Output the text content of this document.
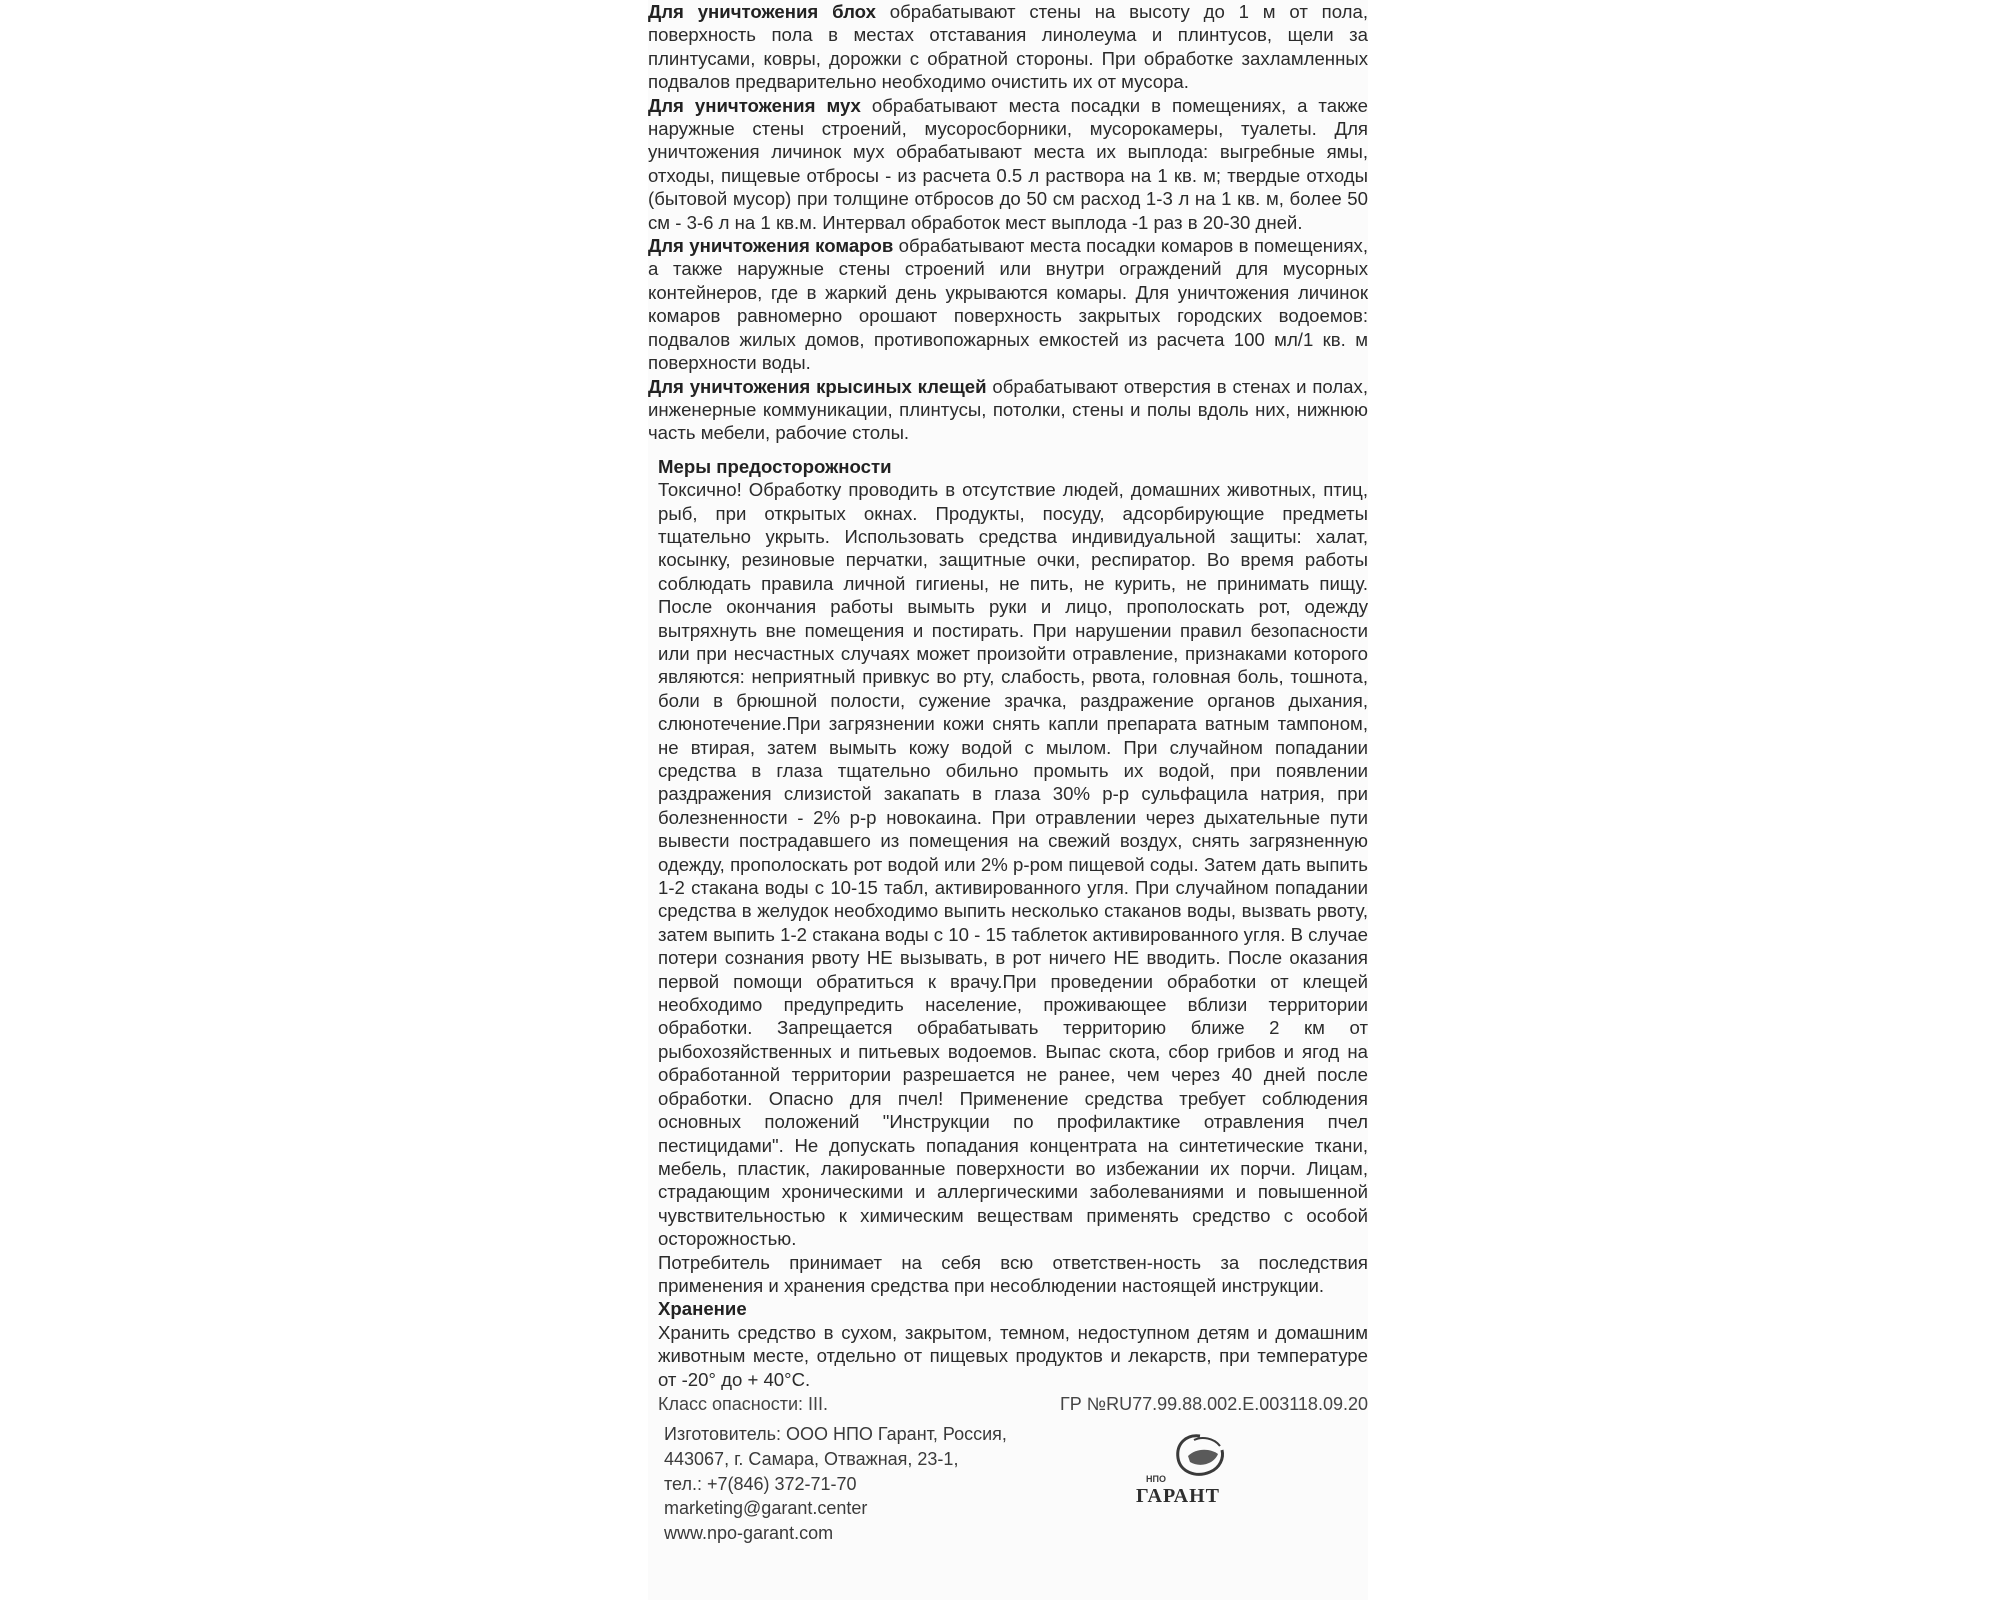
Для уничтожения блох обрабатывают стены на высоту до 1 м от пола, поверхность пола в местах отставания линолеума и плинтусов, щели за плинтусами, ковры, дорожки с обратной стороны. При обработке захламленных подвалов предварительно необходимо очистить их от мусора.

Для уничтожения мух обрабатывают места посадки в помещениях, а также наружные стены строений, мусоросборники, мусорокамеры, туалеты. Для уничтожения личинок мух обрабатывают места их выплода: выгребные ямы, отходы, пищевые отбросы - из расчета 0.5 л раствора на 1 кв. м; твердые отходы (бытовой мусор) при толщине отбросов до 50 см расход 1-3 л на 1 кв. м, более 50 см - 3-6 л на 1 кв.м. Интервал обработок мест выплода -1 раз в 20-30 дней.

Для уничтожения комаров обрабатывают места посадки комаров в помещениях, а также наружные стены строений или внутри ограждений для мусорных контейнеров, где в жаркий день укрываются комары. Для уничтожения личинок комаров равномерно орошают поверхность закрытых городских водоемов: подвалов жилых домов, противопожарных емкостей из расчета 100 мл/1 кв. м поверхности воды.

Для уничтожения крысиных клещей обрабатывают отверстия в стенах и полах, инженерные коммуникации, плинтусы, потолки, стены и полы вдоль них, нижнюю часть мебели, рабочие столы.

Меры предосторожности

Токсично! Обработку проводить в отсутствие людей, домашних животных, птиц, рыб, при открытых окнах. Продукты, посуду, адсорбирующие предметы тщательно укрыть. Использовать средства индивидуальной защиты: халат, косынку, резиновые перчатки, защитные очки, респиратор. Во время работы соблюдать правила личной гигиены, не пить, не курить, не принимать пищу. После окончания работы вымыть руки и лицо, прополоскать рот, одежду вытряхнуть вне помещения и постирать. При нарушении правил безопасности или при несчастных случаях может произойти отравление, признаками которого являются: неприятный привкус во рту, слабость, рвота, головная боль, тошнота, боли в брюшной полости, сужение зрачка, раздражение органов дыхания, слюнотечение.При загрязнении кожи снять капли препарата ватным тампоном, не втирая, затем вымыть кожу водой с мылом. При случайном попадании средства в глаза тщательно обильно промыть их водой, при появлении раздражения слизистой закапать в глаза 30% р-р сульфацила натрия, при болезненности - 2% р-р новокаина. При отравлении через дыхательные пути вывести пострадавшего из помещения на свежий воздух, снять загрязненную одежду, прополоскать рот водой или 2% р-ром пищевой соды. Затем дать выпить 1-2 стакана воды с 10-15 табл, активированного угля. При случайном попадании средства в желудок необходимо выпить несколько стаканов воды, вызвать рвоту, затем выпить 1-2 стакана воды с 10 - 15 таблеток активированного угля. В случае потери сознания рвоту НЕ вызывать, в рот ничего НЕ вводить. После оказания первой помощи обратиться к врачу.При проведении обработки от клещей необходимо предупредить население, проживающее вблизи территории обработки. Запрещается обрабатывать территорию ближе 2 км от рыбохозяйственных и питьевых водоемов. Выпас скота, сбор грибов и ягод на обработанной территории разрешается не ранее, чем через 40 дней после обработки. Опасно для пчел! Применение средства требует соблюдения основных положений "Инструкции по профилактике отравления пчел пестицидами". Не допускать попадания концентрата на синтетические ткани, мебель, пластик, лакированные поверхности во избежании их порчи. Лицам, страдающим хроническими и аллергическими заболеваниями и повышенной чувствительностью к химическим веществам применять средство с особой осторожностью.

Потребитель принимает на себя всю ответствен-ность за последствия применения и хранения средства при несоблюдении настоящей инструкции.

Хранение

Хранить средство в сухом, закрытом, темном, недоступном детям и домашним животным месте, отдельно от пищевых продуктов и лекарств, при температуре от -20° до + 40°С.

Класс опасности: III.	ГР №RU77.99.88.002.Е.003118.09.20
Изготовитель: ООО НПО Гарант, Россия,
443067, г. Самара, Отважная, 23-1,
тел.: +7(846) 372-71-70
marketing@garant.center
www.npo-garant.com
НПО
ГАРАНТ
